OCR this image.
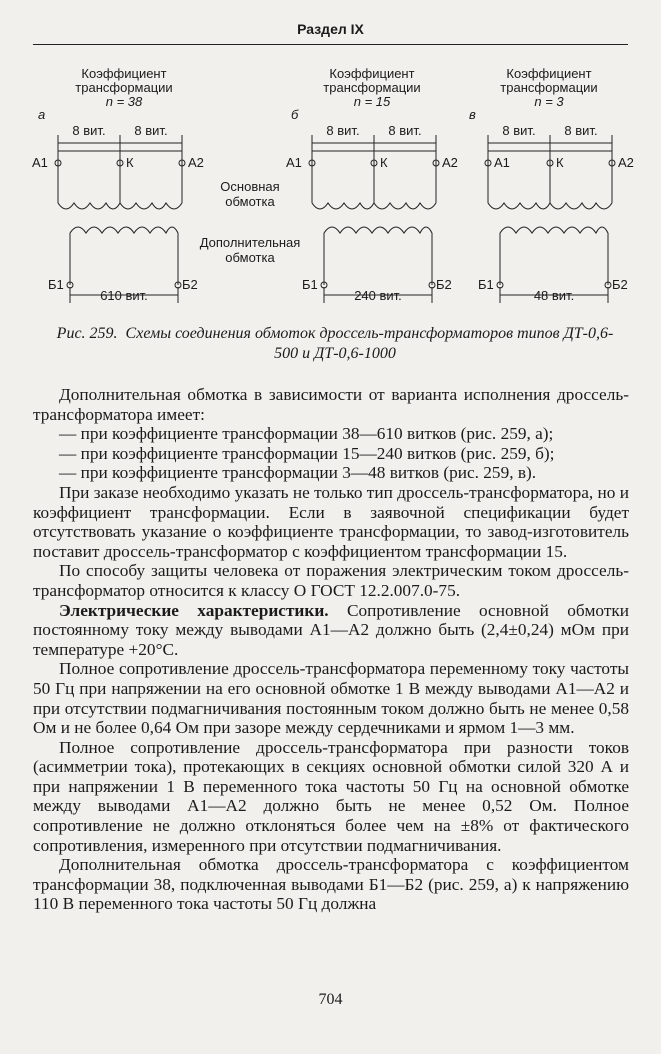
Раздел IX
Коэффициент
трансформации
n = 38
а
8 вит. 8 вит.
610 вит.
А1	К	А2
Б1	Б2
Основная
обмотка
Дополнительная
обмотка
Коэффициент
трансформации
n = 15
б
8 вит. 8 вит.
240 вит.
А1	К	А2
Б1	Б2
Коэффициент
трансформации
n = 3
в
8 вит. 8 вит.
48 вит.
А1	К	А2
Б1	Б2
Рис. 259. Схемы соединения обмоток дроссель-трансформаторов типов ДТ-0,6-500 и ДТ-0,6-1000

Дополнительная обмотка в зависимости от варианта исполнения дроссель-трансформатора имеет:

— при коэффициенте трансформации 38—610 витков (рис. 259, а);

— при коэффициенте трансформации 15—240 витков (рис. 259, б);

— при коэффициенте трансформации 3—48 витков (рис. 259, в).

При заказе необходимо указать не только тип дроссель-трансформатора, но и коэффициент трансформации. Если в заявочной спецификации будет отсутствовать указание о коэффициенте трансформации, то завод-изготовитель поставит дроссель-трансформатор с коэффициентом трансформации 15.

По способу защиты человека от поражения электрическим током дроссель-трансформатор относится к классу О ГОСТ 12.2.007.0-75.

Электрические характеристики. Сопротивление основной обмотки постоянному току между выводами А1—А2 должно быть (2,4±0,24) мОм при температуре +20°С.

Полное сопротивление дроссель-трансформатора переменному току частоты 50 Гц при напряжении на его основной обмотке 1 В между выводами А1—А2 и при отсутствии подмагничивания постоянным током должно быть не менее 0,58 Ом и не более 0,64 Ом при зазоре между сердечниками и ярмом 1—3 мм.

Полное сопротивление дроссель-трансформатора при разности токов (асимметрии тока), протекающих в секциях основной обмотки силой 320 А и при напряжении 1 В переменного тока частоты 50 Гц на основной обмотке между выводами А1—А2 должно быть не менее 0,52 Ом. Полное сопротивление не должно отклоняться более чем на ±8% от фактического сопротивления, измеренного при отсутствии подмагничивания.

Дополнительная обмотка дроссель-трансформатора с коэффициентом трансформации 38, подключенная выводами Б1—Б2 (рис. 259, а) к напряжению 110 В переменного тока частоты 50 Гц должна

704
